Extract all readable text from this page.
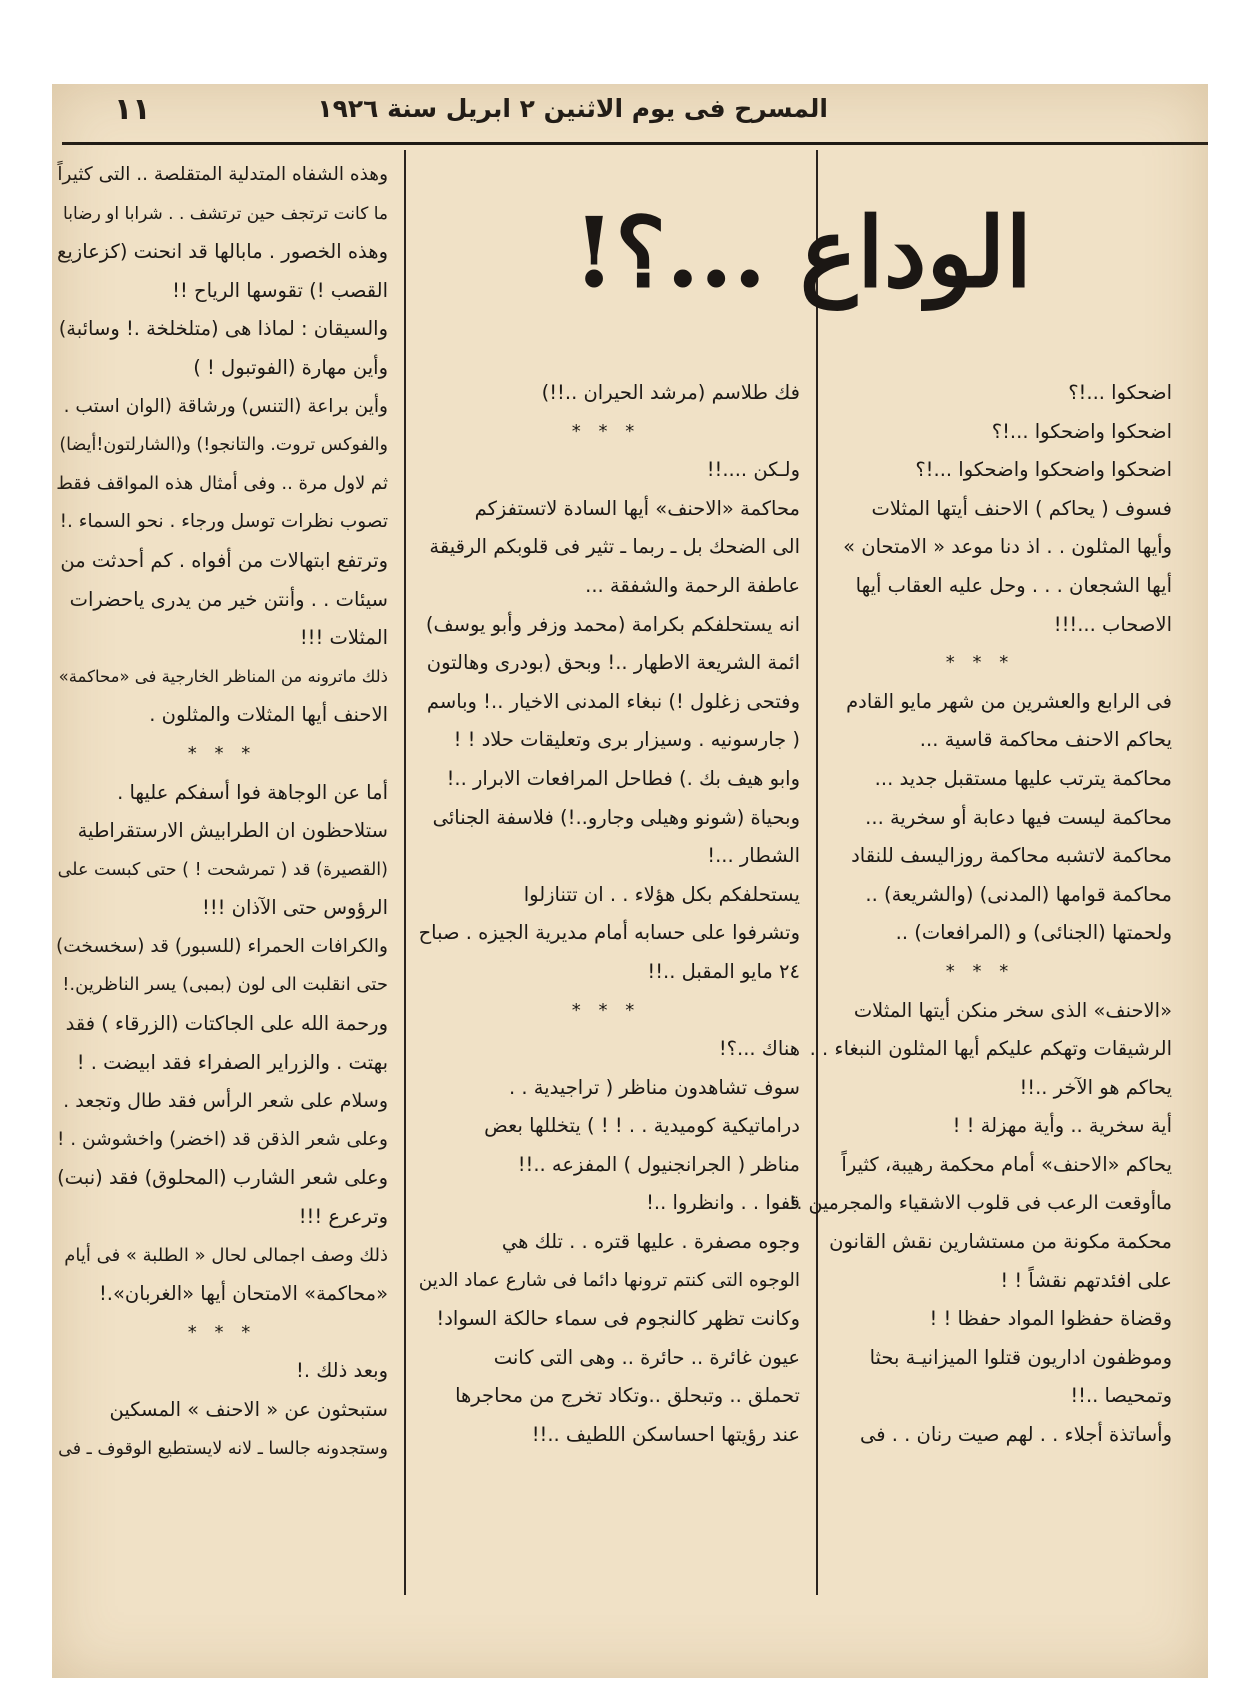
المسرح فى يوم الاثنين ٢ ابريل سنة ١٩٢٦
١١
الوداع ...؟!

اضحكوا ...!؟

اضحكوا واضحكوا ...!؟

اضحكوا واضحكوا واضحكوا ...!؟

فسوف ( يحاكم ) الاحنف أيتها المثلات

وأيها المثلون . . اذ دنا موعد « الامتحان »

أيها الشجعان . . . وحل عليه العقاب أيها

الاصحاب ...!!!

* * *

فى الرابع والعشرين من شهر مايو القادم

يحاكم الاحنف محاكمة قاسية ...

محاكمة يترتب عليها مستقبل جديد ...

محاكمة ليست فيها دعابة أو سخرية ...

محاكمة لاتشبه محاكمة روزاليسف للنقاد

محاكمة قوامها (المدنى) (والشريعة) ..

ولحمتها (الجنائى) و (المرافعات) ..

* * *

«الاحنف» الذى سخر منكن أيتها المثلات

الرشيقات وتهكم عليكم أيها المثلون النبغاء . .

يحاكم هو الآخر ..!!

أية سخرية .. وأية مهزلة ! !

يحاكم «الاحنف» أمام محكمة رهيبة، كثيراً

ماأوقعت الرعب فى قلوب الاشقياء والمجرمين .!

محكمة مكونة من مستشارين نقش القانون

على افئدتهم نقشاً ! !

وقضاة حفظوا المواد حفظا ! !

وموظفون اداريون قتلوا الميزانيـة بحثا

وتمحيصا ..!!

وأساتذة أجلاء . . لهم صيت رنان . . فى

فك طلاسم (مرشد الحيران ..!!)

* * *

ولـكن ....!!

محاكمة «الاحنف» أيها السادة لاتستفزكم

الى الضحك بل ـ ربما ـ تثير فى قلوبكم الرقيقة

عاطفة الرحمة والشفقة ...

انه يستحلفكم بكرامة (محمد وزفر وأبو يوسف)

ائمة الشريعة الاطهار ..! وبحق (بودرى وهالتون

وفتحى زغلول !) نبغاء المدنى الاخيار ..! وباسم

( جارسونيه . وسيزار برى وتعليقات حلاد ! !

وابو هيف بك .) فطاحل المرافعات الابرار ..!

وبحياة (شونو وهيلى وجارو..!) فلاسفة الجنائى

الشطار ...!

يستحلفكم بكل هؤلاء . . ان تتنازلوا

وتشرفوا على حسابه أمام مديرية الجيزه . صباح

٢٤ مايو المقبل ..!!

* * *

هناك ...؟!

سوف تشاهدون مناظر ( تراجيدية . .

دراماتيكية كوميدية . . ! ! ) يتخللها بعض

مناظر ( الجرانجنيول ) المفزعه ..!!

قفوا . . وانظروا ..!

وجوه مصفرة . عليها قتره . . تلك هي

الوجوه التى كنتم ترونها دائما فى شارع عماد الدين

وكانت تظهر كالنجوم فى سماء حالكة السواد!

عيون غائرة .. حائرة .. وهى التى كانت

تحملق .. وتبحلق ..وتكاد تخرج من محاجرها

عند رؤيتها احساسكن اللطيف ..!!

وهذه الشفاه المتدلية المتقلصة .. التى كثيراً

ما كانت ترتجف حين ترتشف . . شرابا او رضابا

وهذه الخصور . مابالها قد انحنت (كزعازيع

القصب !) تقوسها الرياح !!

والسيقان : لماذا هى (متلخلخة .! وسائبة)

وأين مهارة (الفوتبول ! )

وأين براعة (التنس) ورشاقة (الوان استب .

والفوكس تروت. والتانجو!) و(الشارلتون!أيضا)

ثم لاول مرة .. وفى أمثال هذه المواقف فقط

تصوب نظرات توسل ورجاء . نحو السماء .!

وترتفع ابتهالات من أفواه . كم أحدثت من

سيئات . . وأنتن خير من يدرى ياحضرات

المثلات !!!

ذلك ماترونه من المناظر الخارجية فى «محاكمة»

الاحنف أيها المثلات والمثلون .

* * *

أما عن الوجاهة فوا أسفكم عليها .

ستلاحظون ان الطرابيش الارستقراطية

(القصيرة) قد ( تمرشحت ! ) حتى كبست على

الرؤوس حتى الآذان !!!

والكرافات الحمراء (للسبور) قد (سخسخت)

حتى انقلبت الى لون (بمبى) يسر الناظرين.!

ورحمة الله على الجاكتات (الزرقاء ) فقد

بهتت . والزراير الصفراء فقد ابيضت . !

وسلام على شعر الرأس فقد طال وتجعد .

وعلى شعر الذقن قد (اخضر) واخشوشن . !

وعلى شعر الشارب (المحلوق) فقد (نبت)

وترعرع !!!

ذلك وصف اجمالى لحال « الطلبة » فى أيام

«محاكمة» الامتحان أيها «الغربان».!

* * *

وبعد ذلك .!

ستبحثون عن « الاحنف » المسكين

وستجدونه جالسا ـ لانه لايستطيع الوقوف ـ فى
